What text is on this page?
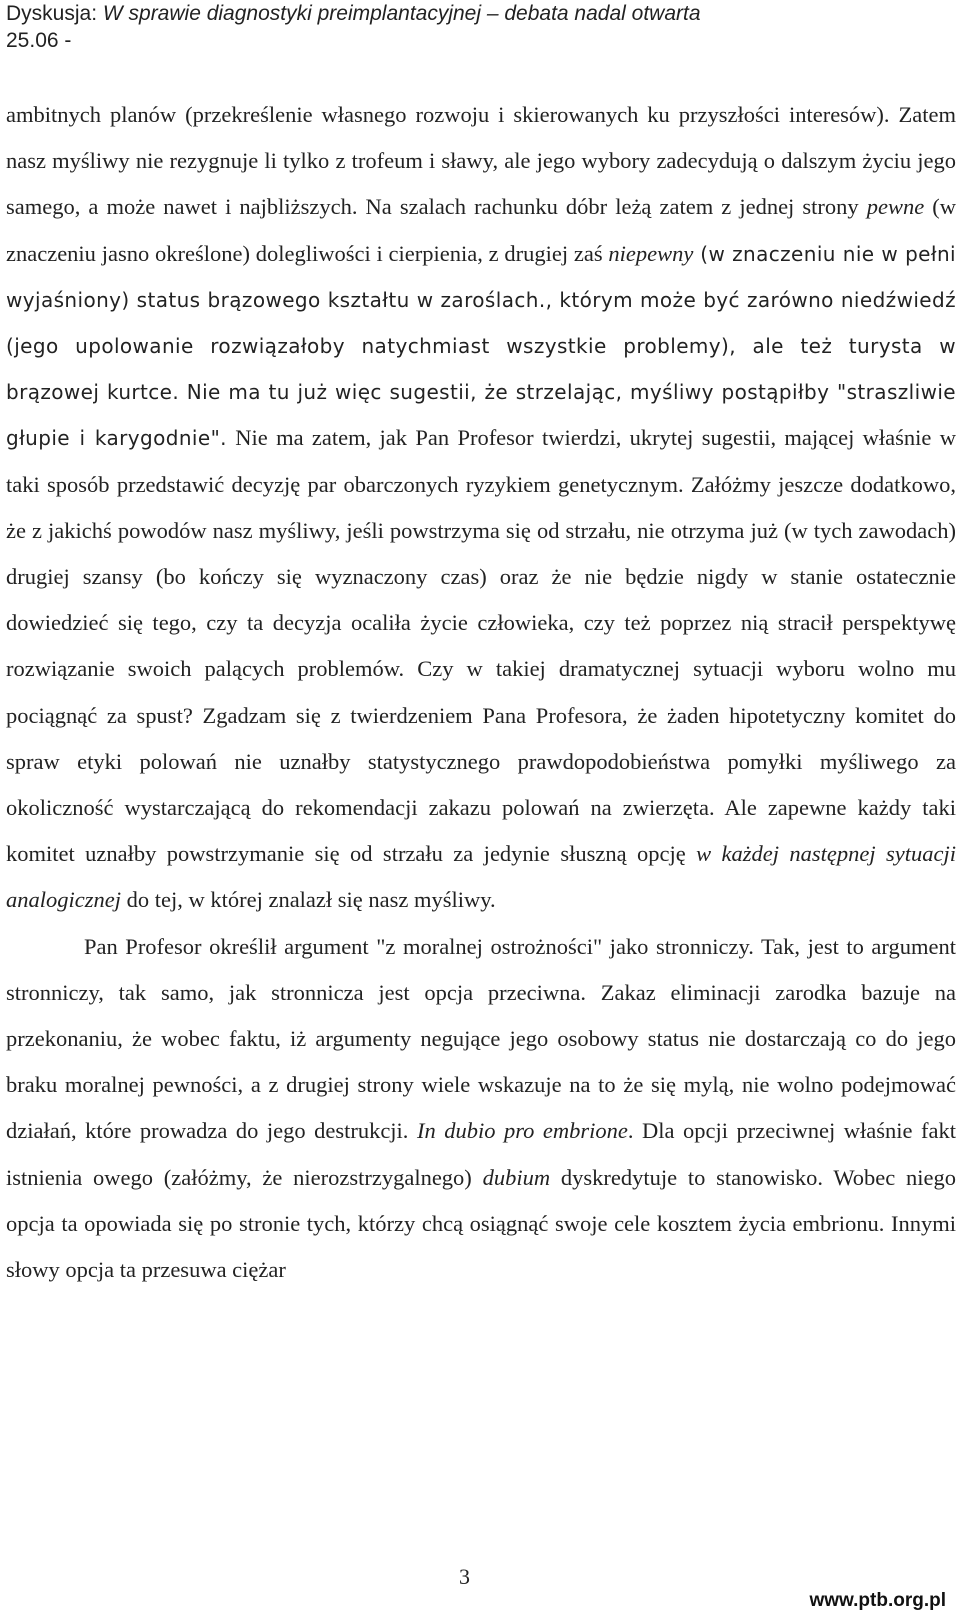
Dyskusja: W sprawie diagnostyki preimplantacyjnej – debata nadal otwarta
25.06 -

ambitnych planów (przekreślenie własnego rozwoju i skierowanych ku przyszłości interesów). Zatem nasz myśliwy nie rezygnuje li tylko z trofeum i sławy, ale jego wybory zadecydują o dalszym życiu jego samego, a może nawet i najbliższych. Na szalach rachunku dóbr leżą zatem z jednej strony pewne (w znaczeniu jasno określone) dolegliwości i cierpienia, z drugiej zaś niepewny (w znaczeniu nie w pełni wyjaśniony) status brązowego kształtu w zaroślach., którym może być zarówno niedźwiedź (jego upolowanie rozwiązałoby natychmiast wszystkie problemy), ale też turysta w brązowej kurtce. Nie ma tu już więc sugestii, że strzelając, myśliwy postąpiłby "straszliwie głupie i karygodnie". Nie ma zatem, jak Pan Profesor twierdzi, ukrytej sugestii, mającej właśnie w taki sposób przedstawić decyzję par obarczonych ryzykiem genetycznym. Załóżmy jeszcze dodatkowo, że z jakichś powodów nasz myśliwy, jeśli powstrzyma się od strzału, nie otrzyma już (w tych zawodach) drugiej szansy (bo kończy się wyznaczony czas) oraz że nie będzie nigdy w stanie ostatecznie dowiedzieć się tego, czy ta decyzja ocaliła życie człowieka, czy też poprzez nią stracił perspektywę rozwiązanie swoich palących problemów. Czy w takiej dramatycznej sytuacji wyboru wolno mu pociągnąć za spust? Zgadzam się z twierdzeniem Pana Profesora, że żaden hipotetyczny komitet do spraw etyki polowań nie uznałby statystycznego prawdopodobieństwa pomyłki myśliwego za okoliczność wystarczającą do rekomendacji zakazu polowań na zwierzęta. Ale zapewne każdy taki komitet uznałby powstrzymanie się od strzału za jedynie słuszną opcję w każdej następnej sytuacji analogicznej do tej, w której znalazł się nasz myśliwy.

Pan Profesor określił argument "z moralnej ostrożności" jako stronniczy. Tak, jest to argument stronniczy, tak samo, jak stronnicza jest opcja przeciwna. Zakaz eliminacji zarodka bazuje na przekonaniu, że wobec faktu, iż argumenty negujące jego osobowy status nie dostarczają co do jego braku moralnej pewności, a z drugiej strony wiele wskazuje na to że się mylą, nie wolno podejmować działań, które prowadza do jego destrukcji. In dubio pro embrione. Dla opcji przeciwnej właśnie fakt istnienia owego (załóżmy, że nierozstrzygalnego) dubium dyskredytuje to stanowisko. Wobec niego opcja ta opowiada się po stronie tych, którzy chcą osiągnąć swoje cele kosztem życia embrionu. Innymi słowy opcja ta przesuwa ciężar

3
www.ptb.org.pl
